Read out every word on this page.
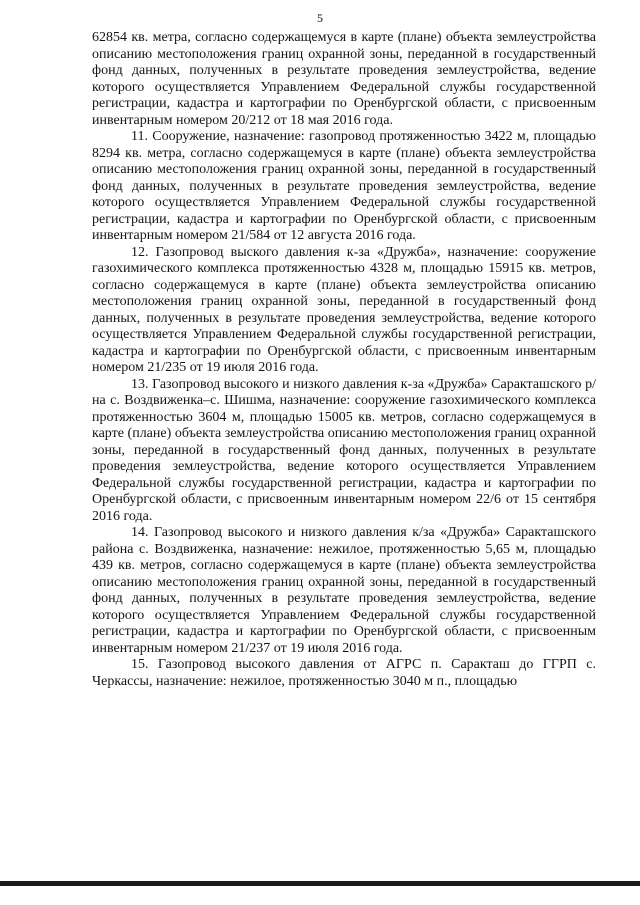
5

62854 кв. метра, согласно содержащемуся в карте (плане) объекта землеустройства описанию местоположения границ охранной зоны, переданной в государственный фонд данных, полученных в результате проведения землеустройства, ведение которого осуществляется Управлением Федеральной службы государственной регистрации, кадастра и картографии по Оренбургской области, с присвоенным инвентарным номером 20/212 от 18 мая 2016 года.

11. Сооружение, назначение: газопровод протяженностью 3422 м, площадью 8294 кв. метра, согласно содержащемуся в карте (плане) объекта землеустройства описанию местоположения границ охранной зоны, переданной в государственный фонд данных, полученных в результате проведения землеустройства, ведение которого осуществляется Управлением Федеральной службы государственной регистрации, кадастра и картографии по Оренбургской области, с присвоенным инвентарным номером 21/584 от 12 августа 2016 года.

12. Газопровод выского давления к-за «Дружба», назначение: сооружение газохимического комплекса протяженностью 4328 м, площадью 15915 кв. метров, согласно содержащемуся в карте (плане) объекта землеустройства описанию местоположения границ охранной зоны, переданной в государственный фонд данных, полученных в результате проведения землеустройства, ведение которого осуществляется Управлением Федеральной службы государственной регистрации, кадастра и картографии по Оренбургской области, с присвоенным инвентарным номером 21/235 от 19 июля 2016 года.

13. Газопровод высокого и низкого давления к-за «Дружба» Саракташского р/на с. Воздвиженка–с. Шишма, назначение: сооружение газохимического комплекса протяженностью 3604 м, площадью 15005 кв. метров, согласно содержащемуся в карте (плане) объекта землеустройства описанию местоположения границ охранной зоны, переданной в государственный фонд данных, полученных в результате проведения землеустройства, ведение которого осуществляется Управлением Федеральной службы государственной регистрации, кадастра и картографии по Оренбургской области, с присвоенным инвентарным номером 22/6 от 15 сентября 2016 года.

14. Газопровод высокого и низкого давления к/за «Дружба» Саракташского района с. Воздвиженка, назначение: нежилое, протяженностью 5,65 м, площадью 439 кв. метров, согласно содержащемуся в карте (плане) объекта землеустройства описанию местоположения границ охранной зоны, переданной в государственный фонд данных, полученных в результате проведения землеустройства, ведение которого осуществляется Управлением Федеральной службы государственной регистрации, кадастра и картографии по Оренбургской области, с присвоенным инвентарным номером 21/237 от 19 июля 2016 года.

15. Газопровод высокого давления от АГРС п. Саракташ до ГГРП с. Черкассы, назначение: нежилое, протяженностью 3040 м п., площадью
